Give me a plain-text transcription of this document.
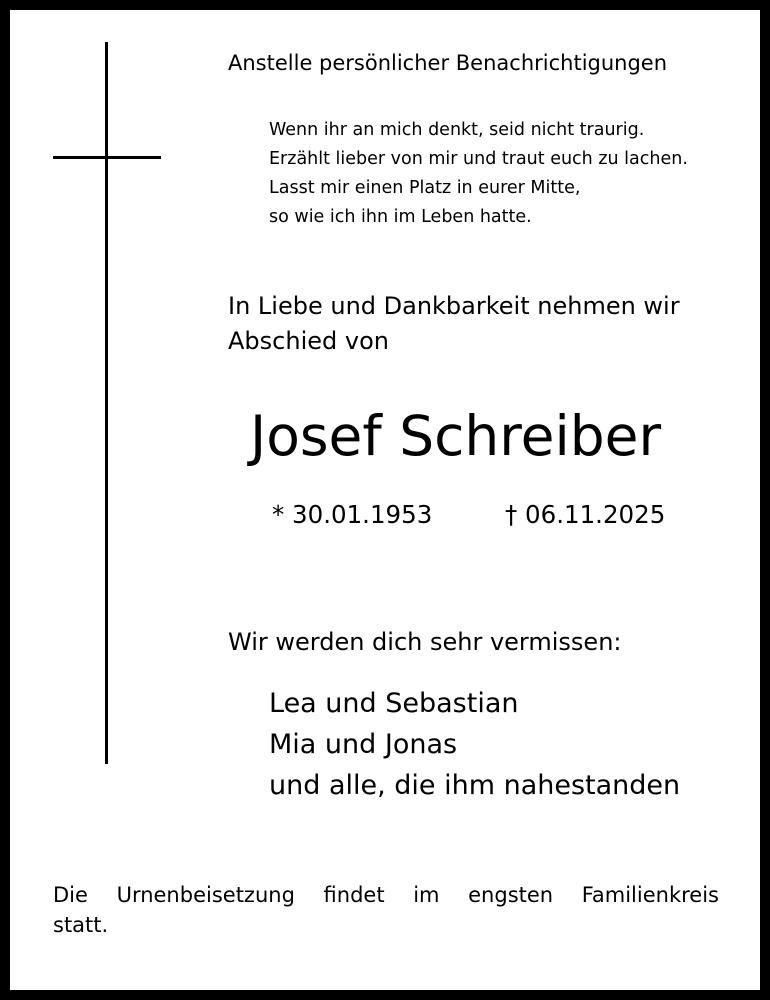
Anstelle persönlicher Benachrichtigungen
Wenn ihr an mich denkt, seid nicht traurig.
Erzählt lieber von mir und traut euch zu lachen.
Lasst mir einen Platz in eurer Mitte,
so wie ich ihn im Leben hatte.
In Liebe und Dankbarkeit nehmen wir
Abschied von
Josef Schreiber
* 30.01.1953	† 06.11.2025
Wir werden dich sehr vermissen:
Lea und Sebastian
Mia und Jonas
und alle, die ihm nahestanden
Die Urnenbeisetzung findet im engsten Familienkreis statt.
